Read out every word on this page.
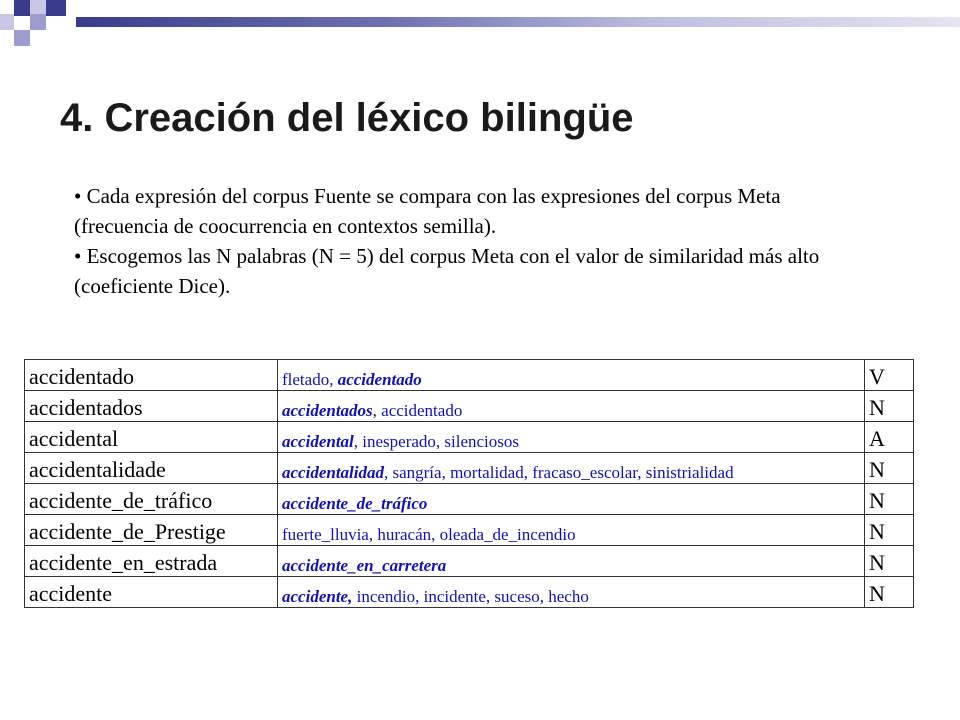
4. Creación del léxico bilingüe

• Cada expresión del corpus Fuente se compara con las expresiones del corpus Meta (frecuencia de coocurrencia en contextos semilla).

• Escogemos las N palabras (N = 5) del corpus Meta con el valor de similaridad más alto (coeficiente Dice).

accidentado	fletado, accidentado	V
accidentados	accidentados, accidentado	N
accidental	accidental, inesperado, silenciosos	A
accidentalidade	accidentalidad, sangría, mortalidad, fracaso_escolar, sinistrialidad	N
accidente_de_tráfico	accidente_de_tráfico	N
accidente_de_Prestige	fuerte_lluvia, huracán, oleada_de_incendio	N
accidente_en_estrada	accidente_en_carretera	N
accidente	accidente, incendio, incidente, suceso, hecho	N
